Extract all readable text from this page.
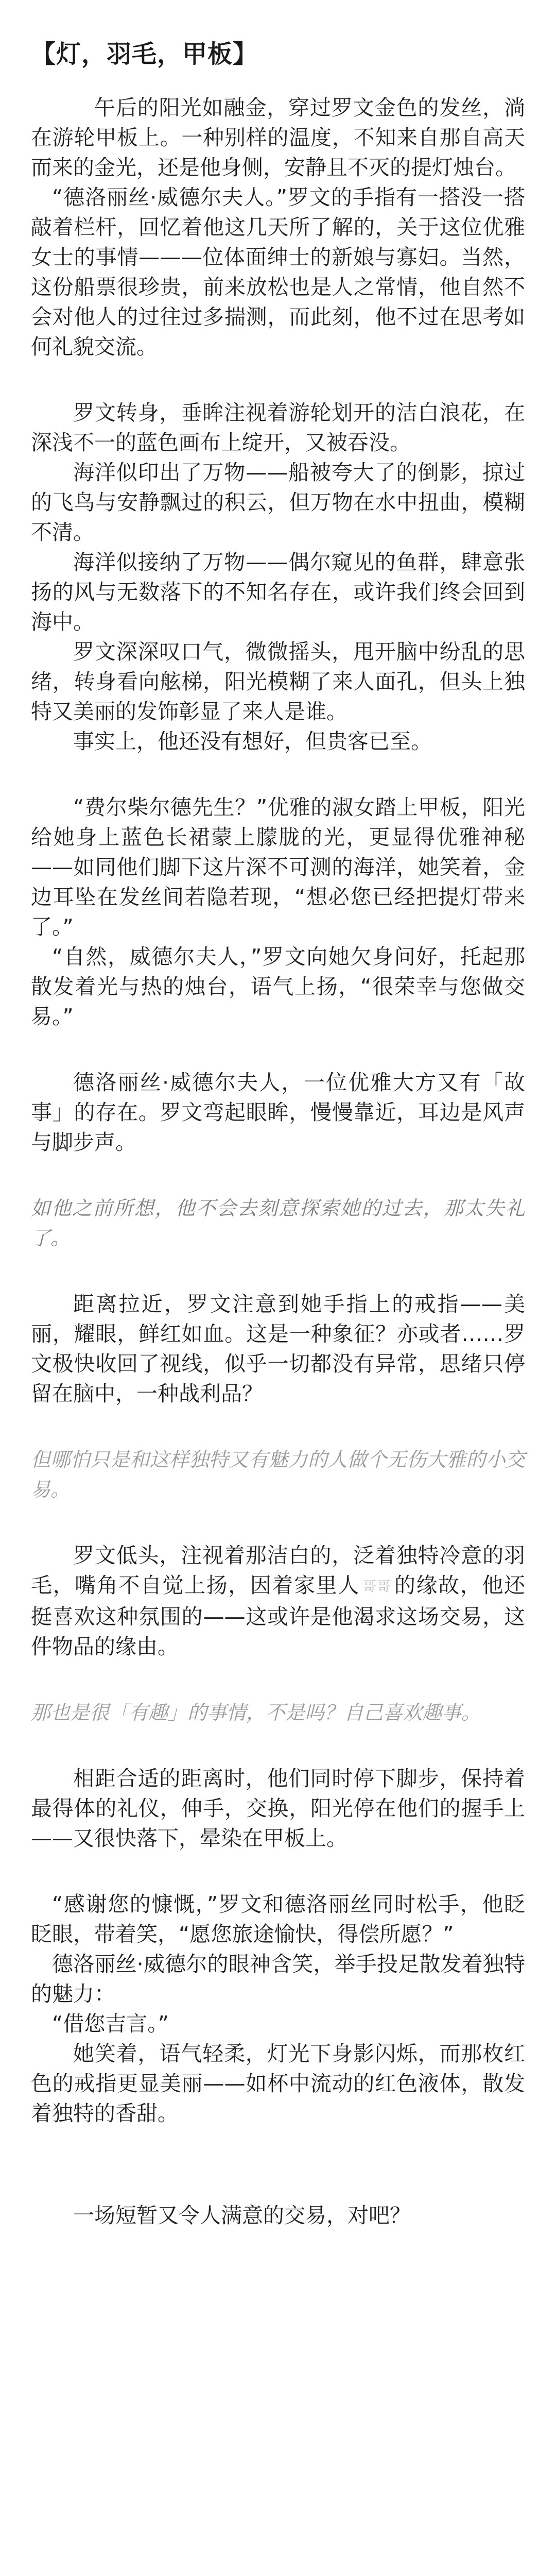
【灯，羽毛，甲板】

午后的阳光如融金，穿过罗文金色的发丝，淌在游轮甲板上。一种别样的温度，不知来自那自高天而来的金光，还是他身侧，安静且不灭的提灯烛台。

“德洛丽丝·威德尔夫人。”罗文的手指有一搭没一搭敲着栏杆，回忆着他这几天所了解的，关于这位优雅女士的事情———位体面绅士的新娘与寡妇。当然，这份船票很珍贵，前来放松也是人之常情，他自然不会对他人的过往过多揣测，而此刻，他不过在思考如何礼貌交流。

罗文转身，垂眸注视着游轮划开的洁白浪花，在深浅不一的蓝色画布上绽开，又被吞没。

海洋似印出了万物——船被夸大了的倒影，掠过的飞鸟与安静飘过的积云，但万物在水中扭曲，模糊不清。

海洋似接纳了万物——偶尔窥见的鱼群，肆意张扬的风与无数落下的不知名存在，或许我们终会回到海中。

罗文深深叹口气，微微摇头，甩开脑中纷乱的思绪，转身看向舷梯，阳光模糊了来人面孔，但头上独特又美丽的发饰彰显了来人是谁。

事实上，他还没有想好，但贵客已至。

“费尔柴尔德先生？”优雅的淑女踏上甲板，阳光给她身上蓝色长裙蒙上朦胧的光，更显得优雅神秘——如同他们脚下这片深不可测的海洋，她笑着，金边耳坠在发丝间若隐若现，“想必您已经把提灯带来了。”

“自然，威德尔夫人，”罗文向她欠身问好，托起那散发着光与热的烛台，语气上扬，“很荣幸与您做交易。”

德洛丽丝·威德尔夫人，一位优雅大方又有「故事」的存在。罗文弯起眼眸，慢慢靠近，耳边是风声与脚步声。

如他之前所想，他不会去刻意探索她的过去，那太失礼了。

距离拉近，罗文注意到她手指上的戒指——美丽，耀眼，鲜红如血。这是一种象征？亦或者……罗文极快收回了视线，似乎一切都没有异常，思绪只停留在脑中，一种战利品？

但哪怕只是和这样独特又有魅力的人做个无伤大雅的小交易。

罗文低头，注视着那洁白的，泛着独特冷意的羽毛，嘴角不自觉上扬，因着家里人 哥哥 的缘故，他还挺喜欢这种氛围的——这或许是他渴求这场交易，这件物品的缘由。

那也是很「有趣」的事情，不是吗？自己喜欢趣事。

相距合适的距离时，他们同时停下脚步，保持着最得体的礼仪，伸手，交换，阳光停在他们的握手上——又很快落下，晕染在甲板上。

“感谢您的慷慨，”罗文和德洛丽丝同时松手，他眨眨眼，带着笑，“愿您旅途愉快，得偿所愿？”

德洛丽丝·威德尔的眼神含笑，举手投足散发着独特的魅力：

“借您吉言。”

她笑着，语气轻柔，灯光下身影闪烁，而那枚红色的戒指更显美丽——如杯中流动的红色液体，散发着独特的香甜。

一场短暂又令人满意的交易，对吧？
